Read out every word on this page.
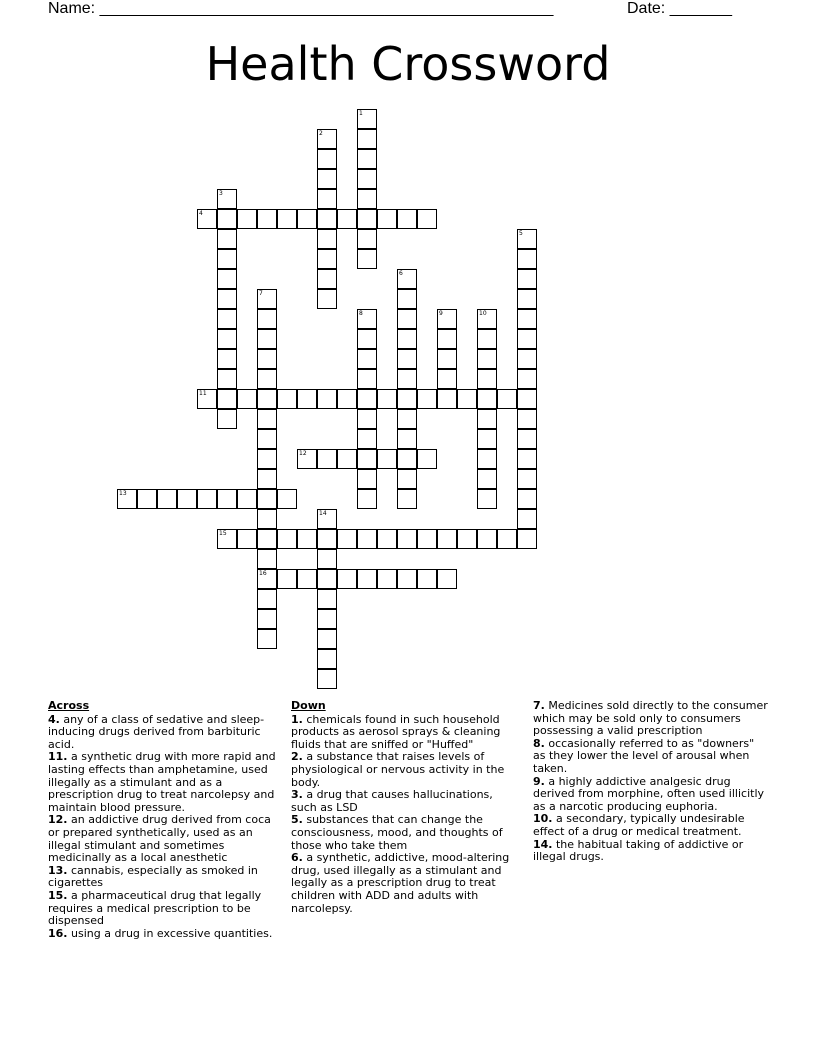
Name: ___________________________________________________	Date: _______
Health Crossword
1
2
3
4
5
6
7
16
8	9	10
11
12
13
14
15
Across
4. any of a class of sedative and sleep-inducing drugs derived from barbituric acid.
11. a synthetic drug with more rapid and lasting effects than amphetamine, used illegally as a stimulant and as a prescription drug to treat narcolepsy and maintain blood pressure.
12. an addictive drug derived from coca or prepared synthetically, used as an illegal stimulant and sometimes medicinally as a local anesthetic
13. cannabis, especially as smoked in cigarettes
15. a pharmaceutical drug that legally requires a medical prescription to be dispensed
16. using a drug in excessive quantities.
Down
1. chemicals found in such household products as aerosol sprays & cleaning fluids that are sniffed or "Huffed"
2. a substance that raises levels of physiological or nervous activity in the body.
3. a drug that causes hallucinations, such as LSD
5. substances that can change the consciousness, mood, and thoughts of those who take them
6. a synthetic, addictive, mood-altering drug, used illegally as a stimulant and legally as a prescription drug to treat children with ADD and adults with narcolepsy.
7. Medicines sold directly to the consumer which may be sold only to consumers possessing a valid prescription
8. occasionally referred to as "downers" as they lower the level of arousal when taken.
9. a highly addictive analgesic drug derived from morphine, often used illicitly as a narcotic producing euphoria.
10. a secondary, typically undesirable effect of a drug or medical treatment.
14. the habitual taking of addictive or illegal drugs.
